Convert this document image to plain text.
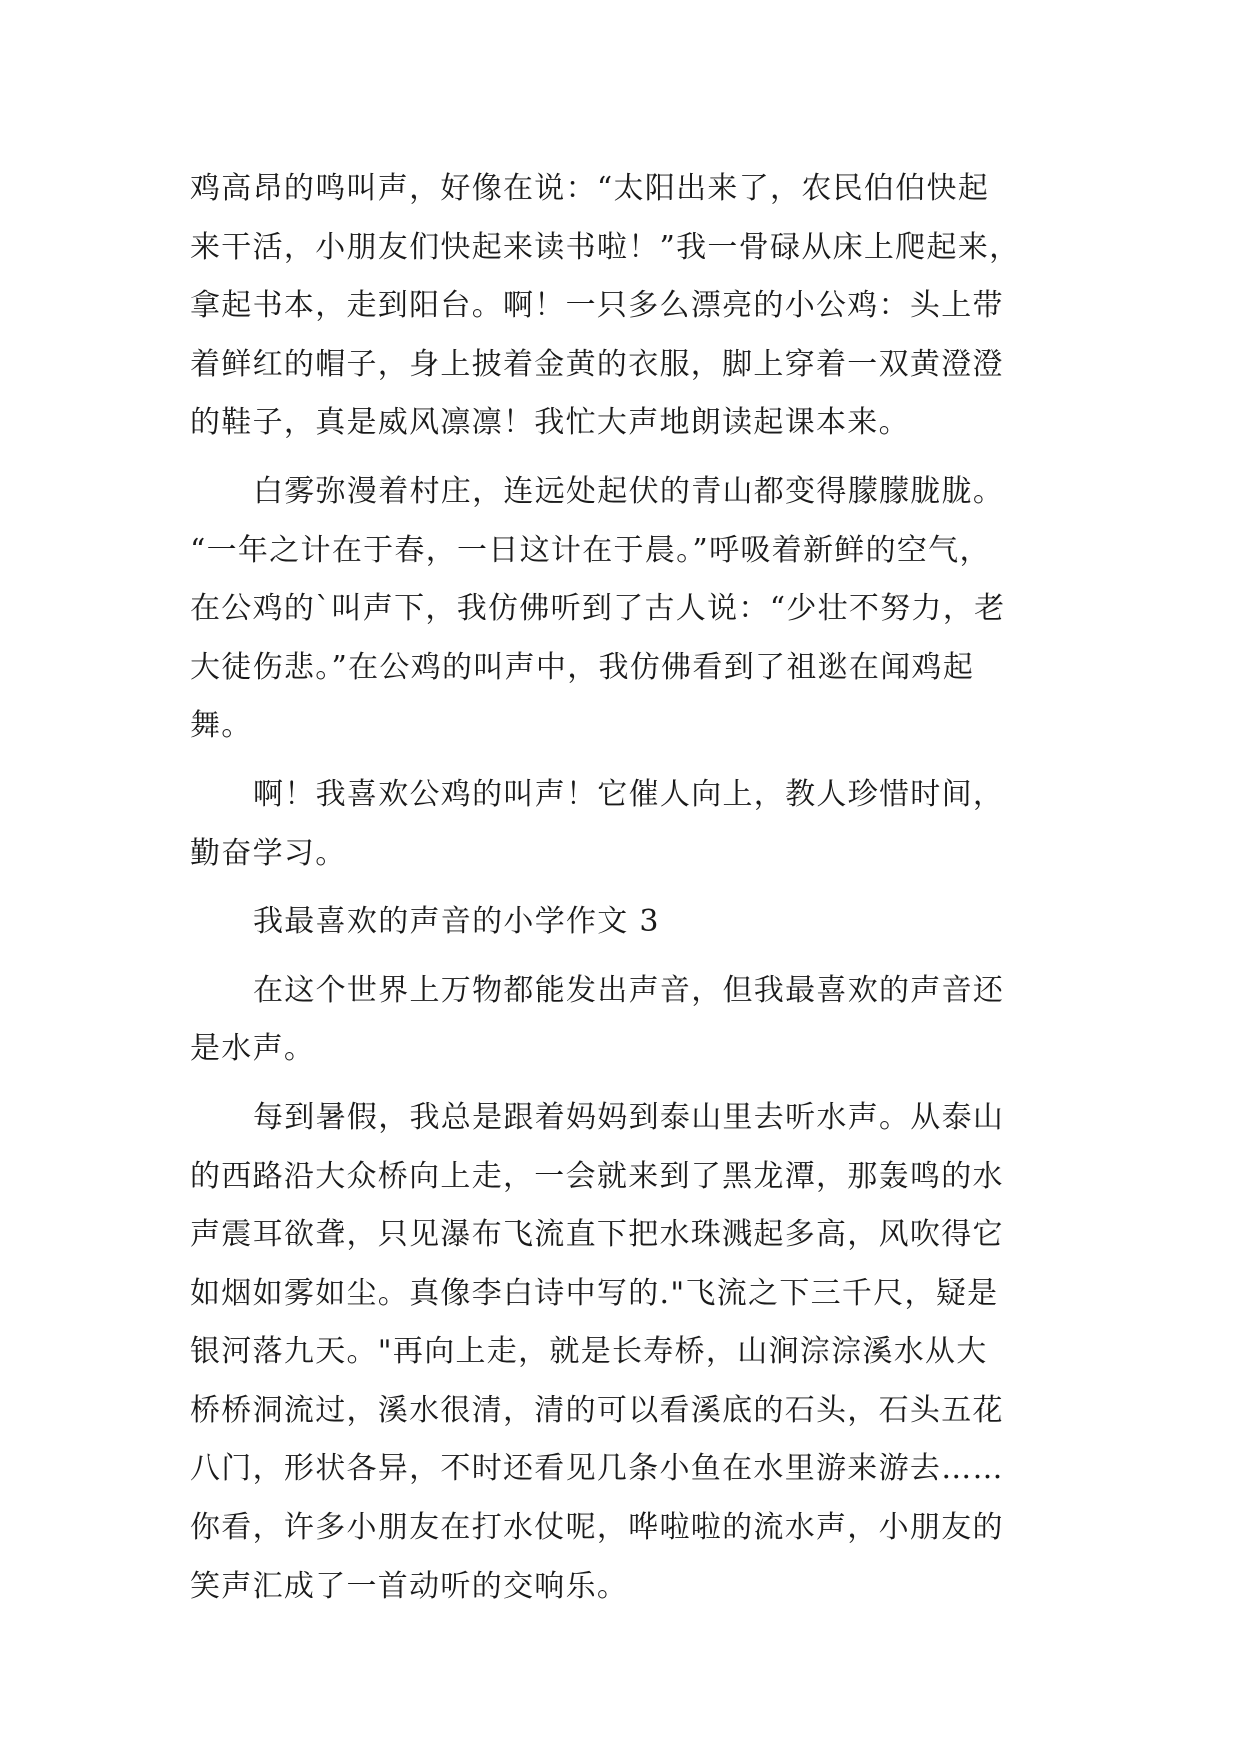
鸡高昂的鸣叫声，好像在说：“太阳出来了，农民伯伯快起
来干活，小朋友们快起来读书啦！”我一骨碌从床上爬起来，
拿起书本，走到阳台。啊！一只多么漂亮的小公鸡：头上带
着鲜红的帽子，身上披着金黄的衣服，脚上穿着一双黄澄澄
的鞋子，真是威风凛凛！我忙大声地朗读起课本来。
白雾弥漫着村庄，连远处起伏的青山都变得朦朦胧胧。
“一年之计在于春，一日这计在于晨。”呼吸着新鲜的空气，
在公鸡的`叫声下，我仿佛听到了古人说：“少壮不努力，老
大徒伤悲。”在公鸡的叫声中，我仿佛看到了祖逖在闻鸡起
舞。
啊！我喜欢公鸡的叫声！它催人向上，教人珍惜时间，
勤奋学习。
我最喜欢的声音的小学作文 3
在这个世界上万物都能发出声音，但我最喜欢的声音还
是水声。
每到暑假，我总是跟着妈妈到泰山里去听水声。从泰山
的西路沿大众桥向上走，一会就来到了黑龙潭，那轰鸣的水
声震耳欲聋，只见瀑布飞流直下把水珠溅起多高，风吹得它
如烟如雾如尘。真像李白诗中写的."飞流之下三千尺，疑是
银河落九天。"再向上走，就是长寿桥，山涧淙淙溪水从大
桥桥洞流过，溪水很清，清的可以看溪底的石头，石头五花
八门，形状各异，不时还看见几条小鱼在水里游来游去……
你看，许多小朋友在打水仗呢，哗啦啦的流水声，小朋友的
笑声汇成了一首动听的交响乐。
